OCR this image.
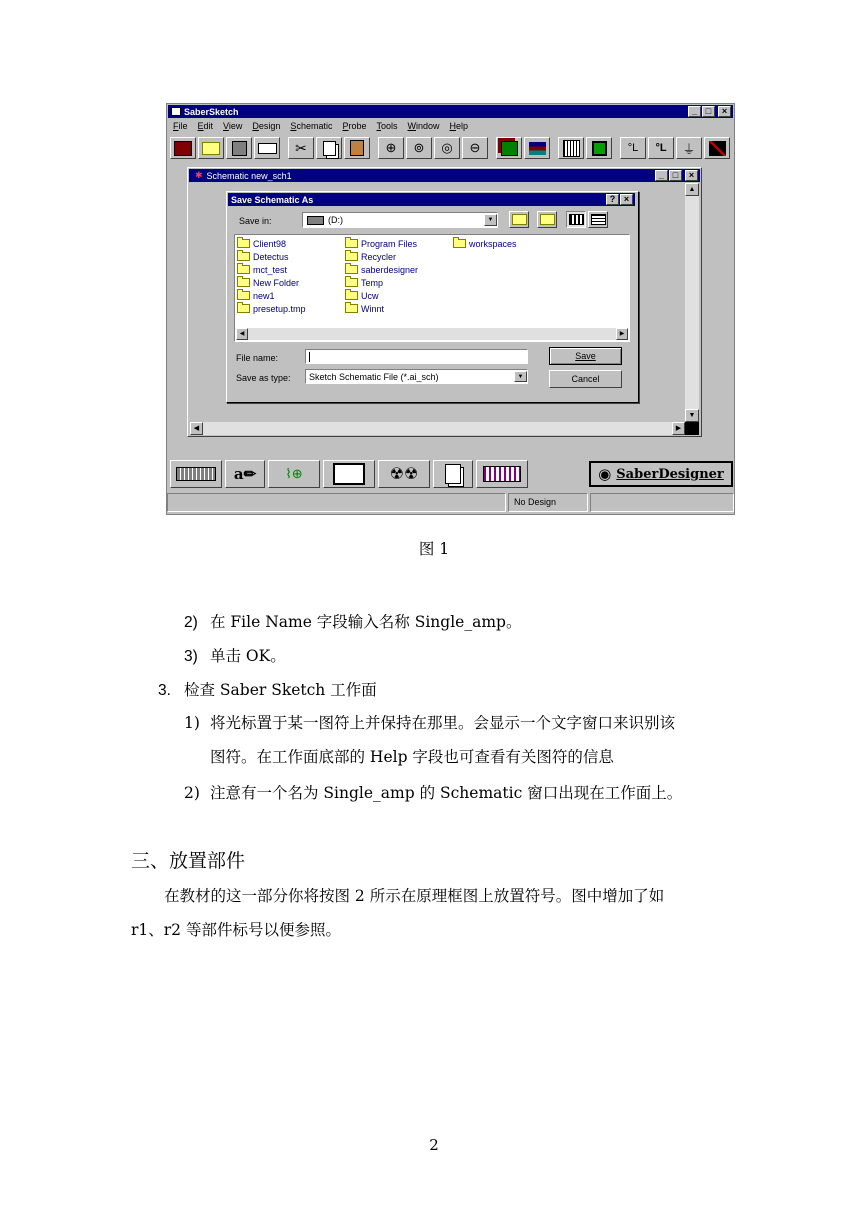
SaberSketch	_ □	×
File Edit View Design Schematic Probe Tools Window Help
✂	⊕ ⊚ ◎ ⊖	°L °L ⏚
✱ Schematic new_sch1	_ □	×
▲
▼
◀	▶
Save Schematic As	? ×
Save in:	(D:)	▼
Client98
Detectus
mct_test
New Folder
new1
presetup.tmp
Program Files
Recycler
saberdesigner
Temp
Ucw
Winnt
workspaces
◀	▶
File name:
Save as type:	Sketch Schematic File (*.ai_sch)	▼
Save
Cancel
a✏ ⌇⊕	☢☢	◉ SaberDesigner
No Design
图 1
2) 在 File Name 字段输入名称 Single_amp。
3) 单击 OK。
3. 检查 Saber Sketch 工作面
1) 将光标置于某一图符上并保持在那里。会显示一个文字窗口来识别该
图符。在工作面底部的 Help 字段也可查看有关图符的信息
2) 注意有一个名为 Single_amp 的 Schematic 窗口出现在工作面上。
三、放置部件
在教材的这一部分你将按图 2 所示在原理框图上放置符号。图中增加了如
r1、r2 等部件标号以便参照。
2
